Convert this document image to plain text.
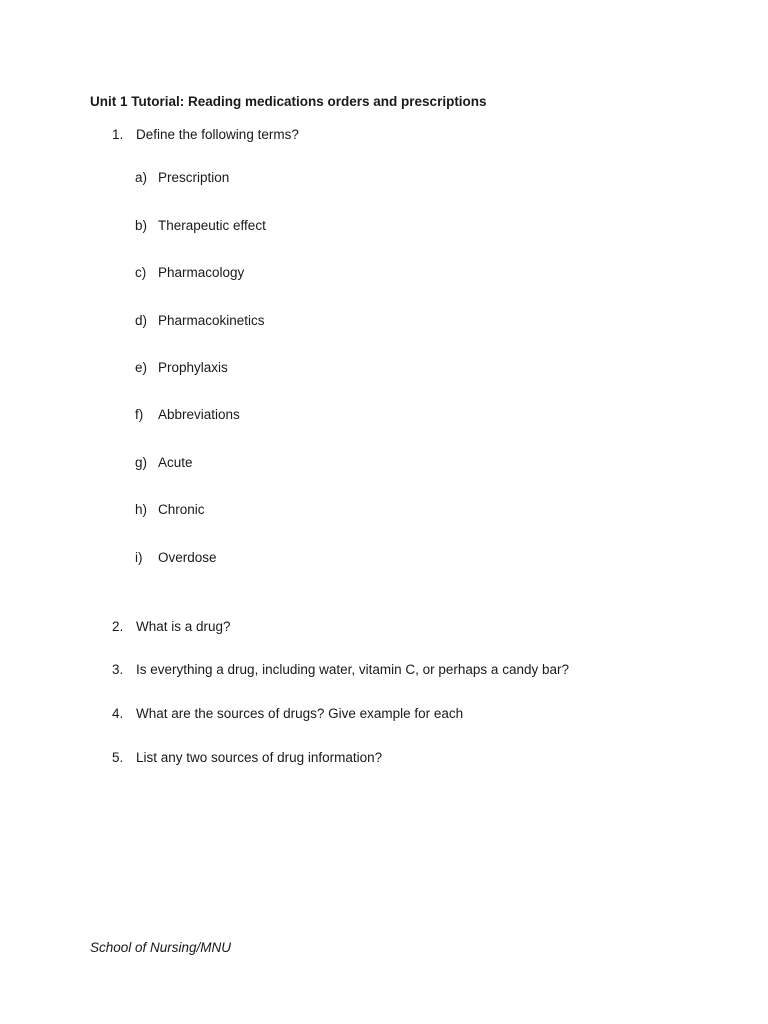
Unit 1 Tutorial: Reading medications orders and prescriptions
1. Define the following terms?
a) Prescription
b) Therapeutic effect
c) Pharmacology
d) Pharmacokinetics
e) Prophylaxis
f) Abbreviations
g) Acute
h) Chronic
i) Overdose
2. What is a drug?
3. Is everything a drug, including water, vitamin C, or perhaps a candy bar?
4. What are the sources of drugs? Give example for each
5. List any two sources of drug information?
School of Nursing/MNU
